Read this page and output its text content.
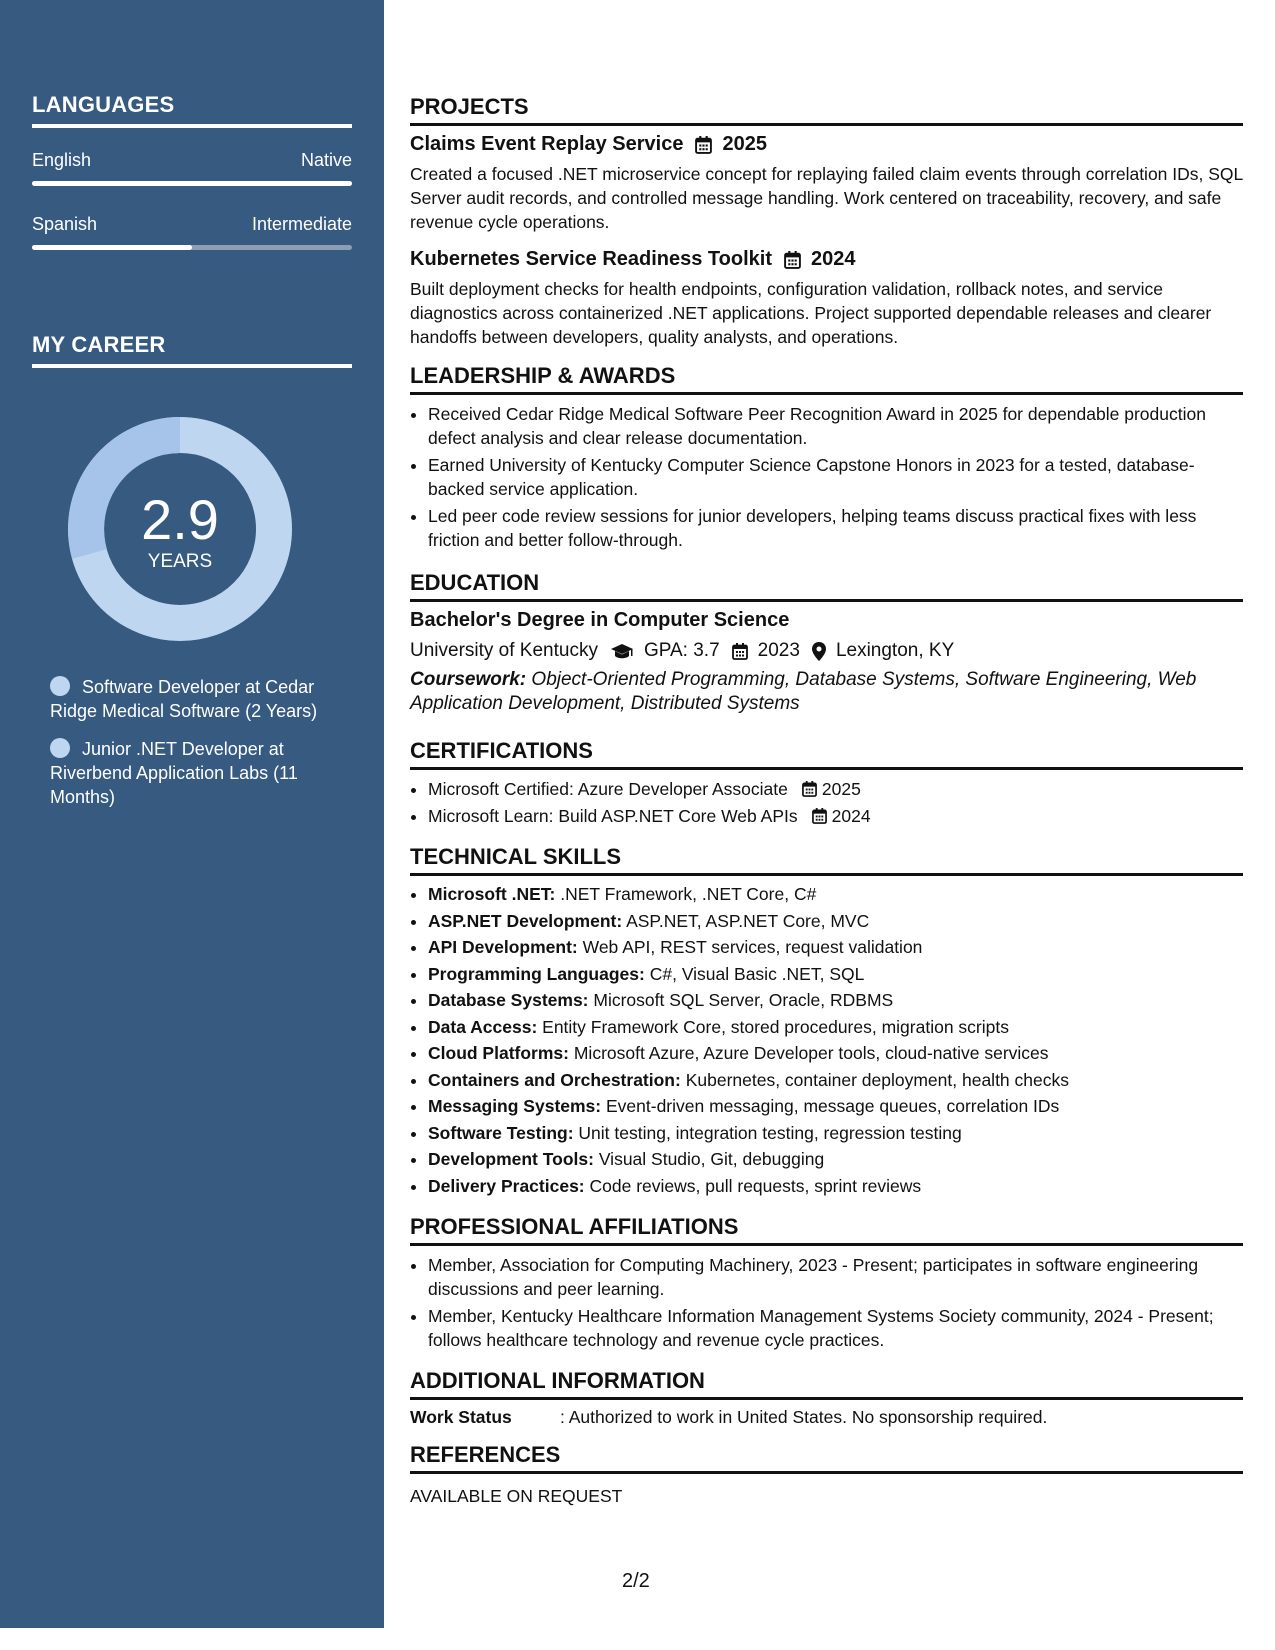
LANGUAGES
English	Native
Spanish	Intermediate
MY CAREER
2.9
YEARS
Software Developer at Cedar Ridge Medical Software (2 Years)
Junior .NET Developer at Riverbend Application Labs (11 Months)
PROJECTS
Claims Event Replay Service 2025
Created a focused .NET microservice concept for replaying failed claim events through correlation IDs, SQL Server audit records, and controlled message handling. Work centered on traceability, recovery, and safe revenue cycle operations.
Kubernetes Service Readiness Toolkit 2024
Built deployment checks for health endpoints, configuration validation, rollback notes, and service diagnostics across containerized .NET applications. Project supported dependable releases and clearer handoffs between developers, quality analysts, and operations.
LEADERSHIP & AWARDS
• Received Cedar Ridge Medical Software Peer Recognition Award in 2025 for dependable production defect analysis and clear release documentation.
• Earned University of Kentucky Computer Science Capstone Honors in 2023 for a tested, database-backed service application.
• Led peer code review sessions for junior developers, helping teams discuss practical fixes with less friction and better follow-through.
EDUCATION
Bachelor's Degree in Computer Science
University of Kentucky GPA: 3.7 2023 Lexington, KY
Coursework: Object-Oriented Programming, Database Systems, Software Engineering, Web Application Development, Distributed Systems
CERTIFICATIONS
• Microsoft Certified: Azure Developer Associate 2025
• Microsoft Learn: Build ASP.NET Core Web APIs 2024
TECHNICAL SKILLS
• Microsoft .NET: .NET Framework, .NET Core, C#
• ASP.NET Development: ASP.NET, ASP.NET Core, MVC
• API Development: Web API, REST services, request validation
• Programming Languages: C#, Visual Basic .NET, SQL
• Database Systems: Microsoft SQL Server, Oracle, RDBMS
• Data Access: Entity Framework Core, stored procedures, migration scripts
• Cloud Platforms: Microsoft Azure, Azure Developer tools, cloud-native services
• Containers and Orchestration: Kubernetes, container deployment, health checks
• Messaging Systems: Event-driven messaging, message queues, correlation IDs
• Software Testing: Unit testing, integration testing, regression testing
• Development Tools: Visual Studio, Git, debugging
• Delivery Practices: Code reviews, pull requests, sprint reviews
PROFESSIONAL AFFILIATIONS
• Member, Association for Computing Machinery, 2023 - Present; participates in software engineering discussions and peer learning.
• Member, Kentucky Healthcare Information Management Systems Society community, 2024 - Present; follows healthcare technology and revenue cycle practices.
ADDITIONAL INFORMATION
Work Status	: Authorized to work in United States. No sponsorship required.
REFERENCES
AVAILABLE ON REQUEST
2/2
